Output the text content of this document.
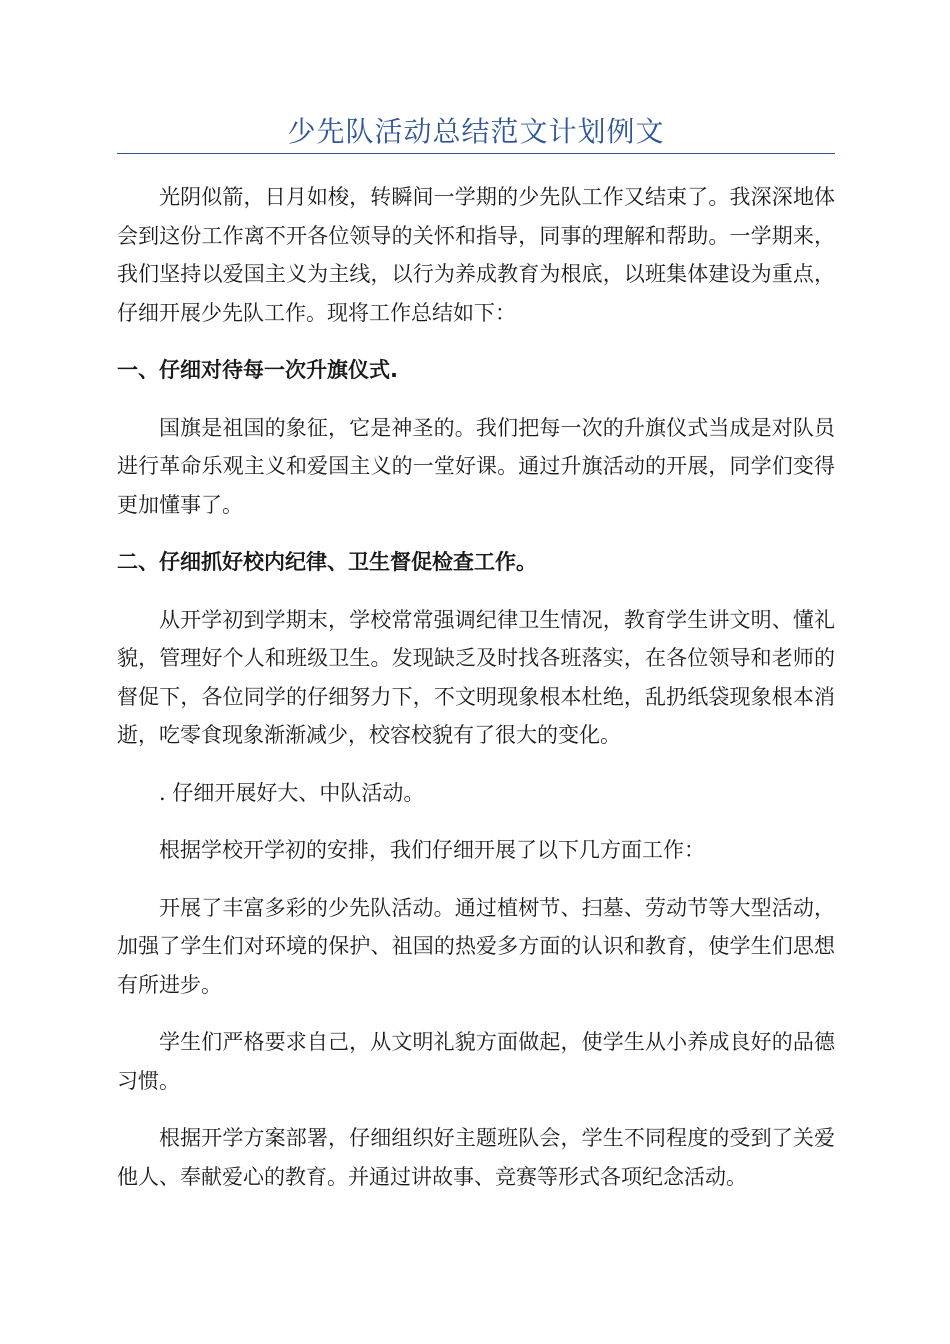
少先队活动总结范文计划例文

光阴似箭，日月如梭，转瞬间一学期的少先队工作又结束了。我深深地体会到这份工作离不开各位领导的关怀和指导，同事的理解和帮助。一学期来，我们坚持以爱国主义为主线，以行为养成教育为根底，以班集体建设为重点，仔细开展少先队工作。现将工作总结如下：

一、仔细对待每一次升旗仪式.

国旗是祖国的象征，它是神圣的。我们把每一次的升旗仪式当成是对队员进行革命乐观主义和爱国主义的一堂好课。通过升旗活动的开展，同学们变得更加懂事了。

二、仔细抓好校内纪律、卫生督促检查工作。

从开学初到学期末，学校常常强调纪律卫生情况，教育学生讲文明、懂礼貌，管理好个人和班级卫生。发现缺乏及时找各班落实，在各位领导和老师的督促下，各位同学的仔细努力下，不文明现象根本杜绝，乱扔纸袋现象根本消逝，吃零食现象渐渐减少，校容校貌有了很大的变化。

. 仔细开展好大、中队活动。

根据学校开学初的安排，我们仔细开展了以下几方面工作：

开展了丰富多彩的少先队活动。通过植树节、扫墓、劳动节等大型活动，加强了学生们对环境的保护、祖国的热爱多方面的认识和教育，使学生们思想有所进步。

学生们严格要求自己，从文明礼貌方面做起，使学生从小养成良好的品德习惯。

根据开学方案部署，仔细组织好主题班队会，学生不同程度的受到了关爱他人、奉献爱心的教育。并通过讲故事、竞赛等形式各项纪念活动。
